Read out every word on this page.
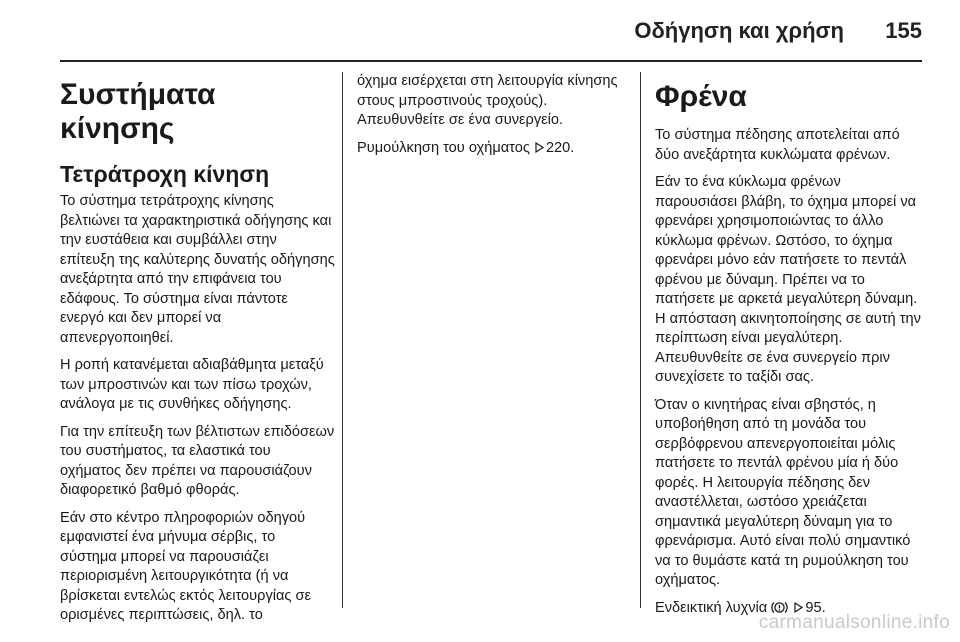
Οδήγηση και χρήση 155
Συστήματα κίνησης
Τετράτροχη κίνηση

Το σύστημα τετράτροχης κίνησης βελτιώνει τα χαρακτηριστικά οδήγησης και την ευστάθεια και συμβάλλει στην επίτευξη της καλύτερης δυνατής οδήγησης ανεξάρτητα από την επιφάνεια του εδάφους. Το σύστημα είναι πάντοτε ενεργό και δεν μπορεί να απενεργοποιηθεί.

Η ροπή κατανέμεται αδιαβάθμητα μεταξύ των μπροστινών και των πίσω τροχών, ανάλογα με τις συνθήκες οδήγησης.

Για την επίτευξη των βέλτιστων επιδόσεων του συστήματος, τα ελαστικά του οχήματος δεν πρέπει να παρουσιάζουν διαφορετικό βαθμό φθοράς.

Εάν στο κέντρο πληροφοριών οδηγού εμφανιστεί ένα μήνυμα σέρβις, το σύστημα μπορεί να παρουσιάζει περιορισμένη λειτουργικότητα (ή να βρίσκεται εντελώς εκτός λειτουργίας σε ορισμένες περιπτώσεις, δηλ. το

όχημα εισέρχεται στη λειτουργία κίνησης στους μπροστινούς τροχούς). Απευθυνθείτε σε ένα συνεργείο.

Ρυμούλκηση του οχήματος 220.

Φρένα

Το σύστημα πέδησης αποτελείται από δύο ανεξάρτητα κυκλώματα φρένων.

Εάν το ένα κύκλωμα φρένων παρουσιάσει βλάβη, το όχημα μπορεί να φρενάρει χρησιμοποιώντας το άλλο κύκλωμα φρένων. Ωστόσο, το όχημα φρενάρει μόνο εάν πατήσετε το πεντάλ φρένου με δύναμη. Πρέπει να το πατήσετε με αρκετά μεγαλύτερη δύναμη. Η απόσταση ακινητοποίησης σε αυτή την περίπτωση είναι μεγαλύτερη. Απευθυνθείτε σε ένα συνεργείο πριν συνεχίσετε το ταξίδι σας.

Όταν ο κινητήρας είναι σβηστός, η υποβοήθηση από τη μονάδα του σερβόφρενου απενεργοποιείται μόλις πατήσετε το πεντάλ φρένου μία ή δύο φορές. Η λειτουργία πέδησης δεν αναστέλλεται, ωστόσο χρειάζεται σημαντικά μεγαλύτερη δύναμη για το φρενάρισμα. Αυτό είναι πολύ σημαντικό να το θυμάστε κατά τη ρυμούλκηση του οχήματος.

Ενδεικτική λυχνία	95.

carmanualsonline.info
